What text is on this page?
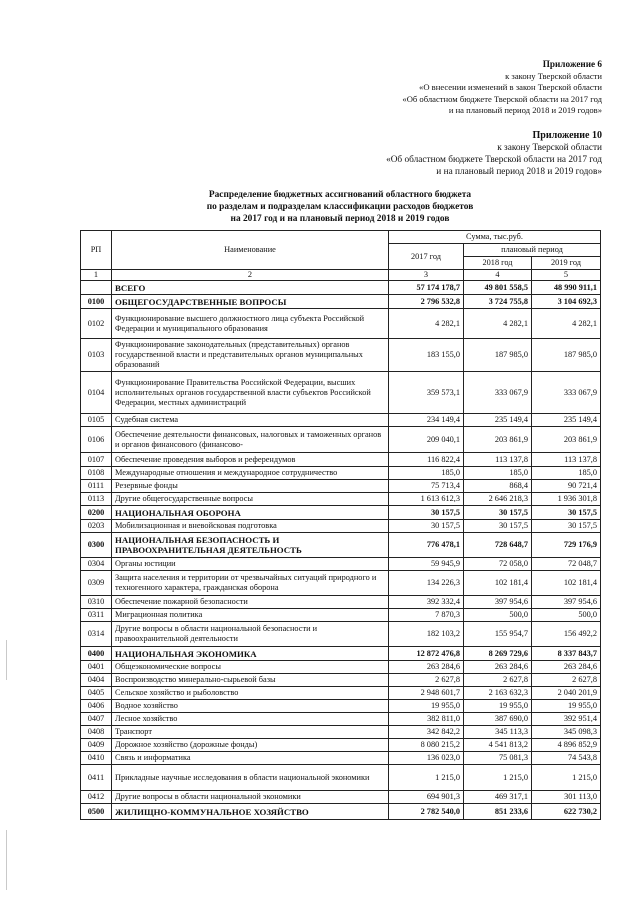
Приложение 6
к закону Тверской области
«О внесении изменений в закон Тверской области
«Об областном бюджете Тверской области на 2017 год
и на плановый период 2018 и 2019 годов»
Приложение 10
к закону Тверской области
«Об областном бюджете Тверской области на 2017 год
и на плановый период 2018 и 2019 годов»
Распределение бюджетных ассигнований областного бюджета
по разделам и подразделам классификации расходов бюджетов
на 2017 год и на плановый период 2018 и 2019 годов
РП	Наименование	Сумма, тыс.руб.		
		2017 год	плановый период	
			2018 год	2019 год
1	2	3	4	5
	ВСЕГО	57 174 178,7	49 801 558,5	48 990 911,1
0100	ОБЩЕГОСУДАРСТВЕННЫЕ ВОПРОСЫ	2 796 532,8	3 724 755,8	3 104 692,3
0102	Функционирование высшего должностного лица субъекта Российской Федерации и муниципального образования	4 282,1	4 282,1	4 282,1
0103	Функционирование законодательных (представительных) органов государственной власти и представительных органов муниципальных образований	183 155,0	187 985,0	187 985,0
0104	Функционирование Правительства Российской Федерации, высших исполнительных органов государственной власти субъектов Российской Федерации, местных администраций	359 573,1	333 067,9	333 067,9
0105	Судебная система	234 149,4	235 149,4	235 149,4
0106	Обеспечение деятельности финансовых, налоговых и таможенных органов и органов финансового (финансово-	209 040,1	203 861,9	203 861,9
0107	Обеспечение проведения выборов и референдумов	116 822,4	113 137,8	113 137,8
0108	Международные отношения и международное сотрудничество	185,0	185,0	185,0
0111	Резервные фонды	75 713,4	868,4	90 721,4
0113	Другие общегосударственные вопросы	1 613 612,3	2 646 218,3	1 936 301,8
0200	НАЦИОНАЛЬНАЯ ОБОРОНА	30 157,5	30 157,5	30 157,5
0203	Мобилизационная и вневойсковая подготовка	30 157,5	30 157,5	30 157,5
0300	НАЦИОНАЛЬНАЯ БЕЗОПАСНОСТЬ И ПРАВООХРАНИТЕЛЬНАЯ ДЕЯТЕЛЬНОСТЬ	776 478,1	728 648,7	729 176,9
0304	Органы юстиции	59 945,9	72 058,0	72 048,7
0309	Защита населения и территории от чрезвычайных ситуаций природного и техногенного характера, гражданская оборона	134 226,3	102 181,4	102 181,4
0310	Обеспечение пожарной безопасности	392 332,4	397 954,6	397 954,6
0311	Миграционная политика	7 870,3	500,0	500,0
0314	Другие вопросы в области национальной безопасности и правоохранительной деятельности	182 103,2	155 954,7	156 492,2
0400	НАЦИОНАЛЬНАЯ ЭКОНОМИКА	12 872 476,8	8 269 729,6	8 337 843,7
0401	Общеэкономические вопросы	263 284,6	263 284,6	263 284,6
0404	Воспроизводство минерально-сырьевой базы	2 627,8	2 627,8	2 627,8
0405	Сельское хозяйство и рыболовство	2 948 601,7	2 163 632,3	2 040 201,9
0406	Водное хозяйство	19 955,0	19 955,0	19 955,0
0407	Лесное хозяйство	382 811,0	387 690,0	392 951,4
0408	Транспорт	342 842,2	345 113,3	345 098,3
0409	Дорожное хозяйство (дорожные фонды)	8 080 215,2	4 541 813,2	4 896 852,9
0410	Связь и информатика	136 023,0	75 081,3	74 543,8
0411	Прикладные научные исследования в области национальной экономики	1 215,0	1 215,0	1 215,0
0412	Другие вопросы в области национальной экономики	694 901,3	469 317,1	301 113,0
0500	ЖИЛИЩНО-КОММУНАЛЬНОЕ ХОЗЯЙСТВО	2 782 540,0	851 233,6	622 730,2
